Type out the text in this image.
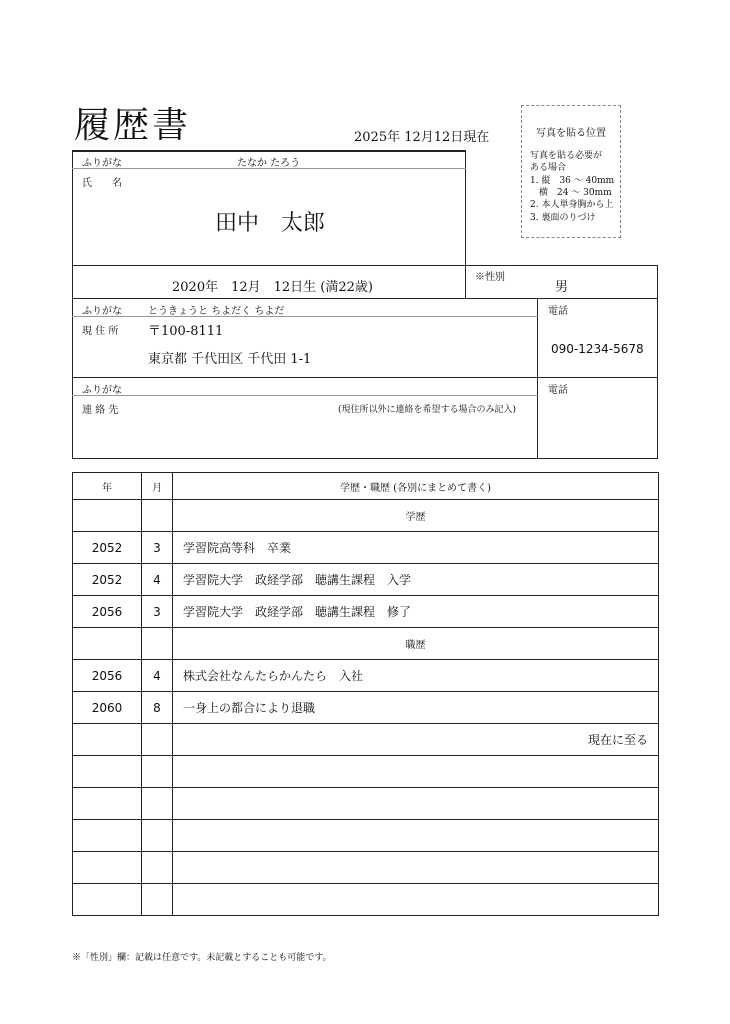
履歴書	2025年 12月12日現在	写真を貼る位置
写真を貼る必要が
ある場合
1. 縦　36 〜 40mm
　横　24 〜 30mm
2. 本人単身胸から上
3. 裏面のりづけ
ふりがな	たなか たろう
氏　　名
田中　太郎
2020年　12月　12日生 (満22歳)
※性別
男
ふりがな	とうきょうと ちよだく ちよだ
現 住 所 〒100-8111
東京都 千代田区 千代田 1-1
電話
090-1234-5678
ふりがな
連 絡 先	(現住所以外に連絡を希望する場合のみ記入)
電話
年	月	学歴・職歴 (各別にまとめて書く)
		学歴
2052	3	学習院高等科　卒業
2052	4	学習院大学　政経学部　聴講生課程　入学
2056	3	学習院大学　政経学部　聴講生課程　修了
		職歴
2056	4	株式会社なんたらかんたら　入社
2060	8	一身上の都合により退職
		現在に至る

※「性別」欄：記載は任意です。未記載とすることも可能です。
